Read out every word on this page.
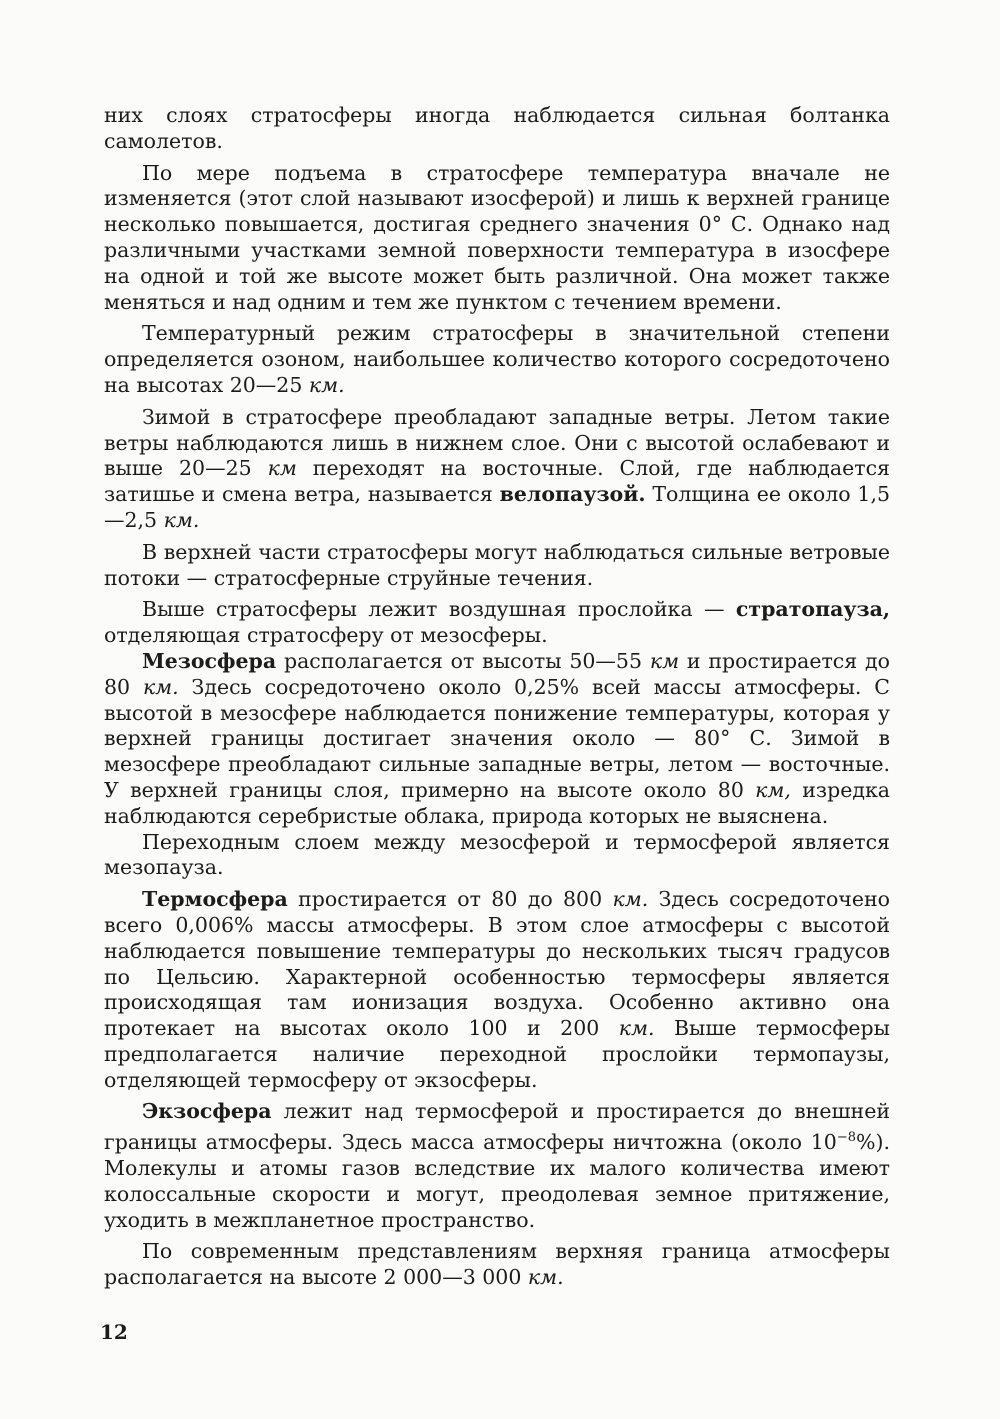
них слоях стратосферы иногда наблюдается сильная болтанка самолетов.

По мере подъема в стратосфере температура вначале не изменяется (этот слой называют изосферой) и лишь к верхней границе несколько повышается, достигая среднего значения 0° С. Однако над различными участками земной поверхности температура в изосфере на одной и той же высоте может быть различной. Она может также меняться и над одним и тем же пунктом с течением времени.

Температурный режим стратосферы в значительной степени определяется озоном, наибольшее количество которого сосредоточено на высотах 20—25 км.

Зимой в стратосфере преобладают западные ветры. Летом такие ветры наблюдаются лишь в нижнем слое. Они с высотой ослабевают и выше 20—25 км переходят на восточные. Слой, где наблюдается затишье и смена ветра, называется велопаузой. Толщина ее около 1,5—2,5 км.

В верхней части стратосферы могут наблюдаться сильные ветровые потоки — стратосферные струйные течения.

Выше стратосферы лежит воздушная прослойка — стратопауза, отделяющая стратосферу от мезосферы.

Мезосфера располагается от высоты 50—55 км и простирается до 80 км. Здесь сосредоточено около 0,25% всей массы атмосферы. С высотой в мезосфере наблюдается понижение температуры, которая у верхней границы достигает значения около — 80° С. Зимой в мезосфере преобладают сильные западные ветры, летом — восточные. У верхней границы слоя, примерно на высоте около 80 км, изредка наблюдаются серебристые облака, природа которых не выяснена.

Переходным слоем между мезосферой и термосферой является мезопауза.

Термосфера простирается от 80 до 800 км. Здесь сосредоточено всего 0,006% массы атмосферы. В этом слое атмосферы с высотой наблюдается повышение температуры до нескольких тысяч градусов по Цельсию. Характерной особенностью термосферы является происходящая там ионизация воздуха. Особенно активно она протекает на высотах около 100 и 200 км. Выше термосферы предполагается наличие переходной прослойки термопаузы, отделяющей термосферу от экзосферы.

Экзосфера лежит над термосферой и простирается до внешней границы атмосферы. Здесь масса атмосферы ничтожна (около $10^{-8}\%$). Молекулы и атомы газов вследствие их малого количества имеют колоссальные скорости и могут, преодолевая земное притяжение, уходить в межпланетное пространство.

По современным представлениям верхняя граница атмосферы располагается на высоте 2 000—3 000 км.

12
